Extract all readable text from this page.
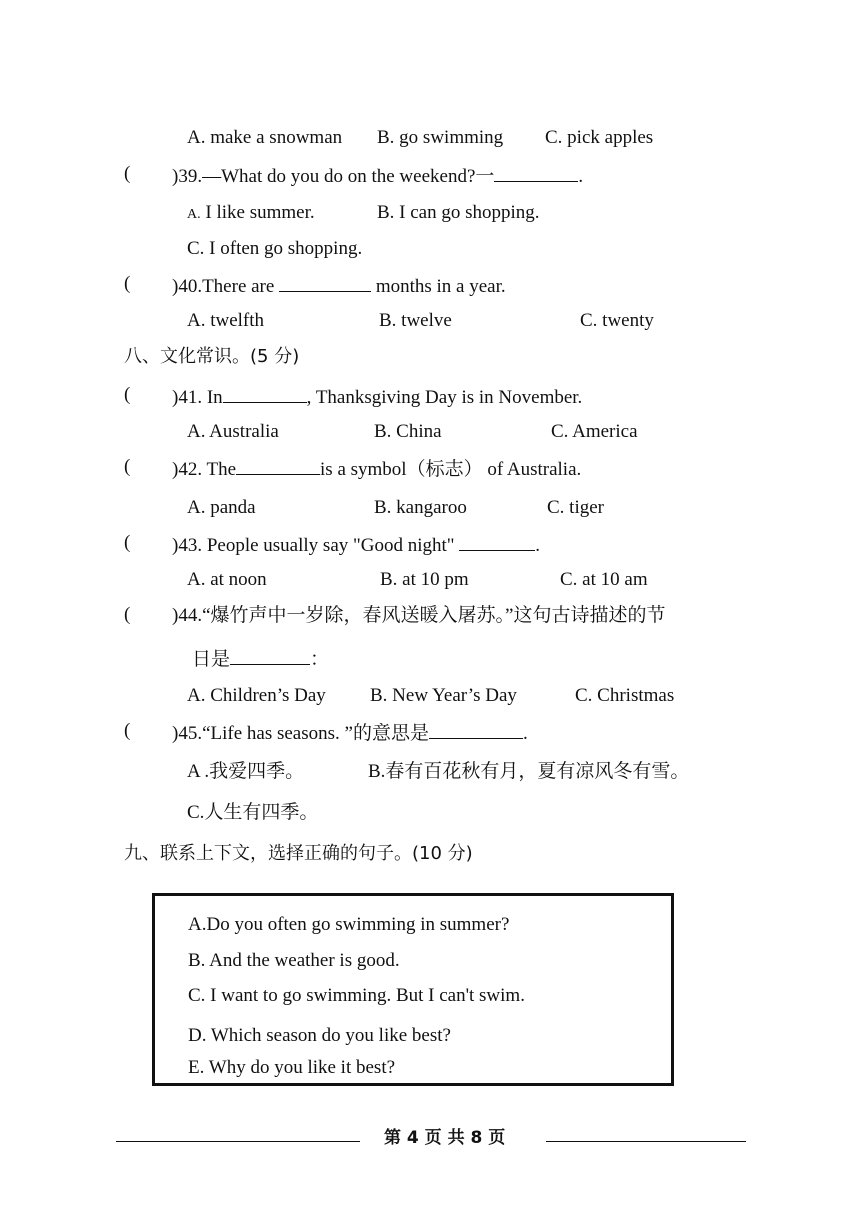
A. make a snowman B. go swimming C. pick apples
( )39.—What do you do on the weekend?一	.
A. I like summer.	B. I can go shopping.
C. I often go shopping.
( )40.There are	months in a year.
A. twelfth	B. twelve	C. twenty
八、文化常识。(5 分)
( )41. In	, Thanksgiving Day is in November.
A. Australia	B. China	C. America
( )42. The	is a symbol（标志） of Australia.
A. panda	B. kangaroo	C. tiger
( )43. People usually say "Good night"	.
A. at noon	B. at 10 pm	C. at 10 am
( )44.“爆竹声中一岁除，春风送暖入屠苏。”这句古诗描述的节
日是	：
A. Children’s Day B. New Year’s Day	C. Christmas
( )45.“Life has seasons. ”的意思是	.
A .我爱四季。	B.春有百花秋有月，夏有凉风冬有雪。
C.人生有四季。
九、联系上下文，选择正确的句子。(10 分)
A.Do you often go swimming in summer?
B. And the weather is good.
C. I want to go swimming. But I can't swim.
D. Which season do you like best?
E. Why do you like it best?
第 4 页 共 8 页
